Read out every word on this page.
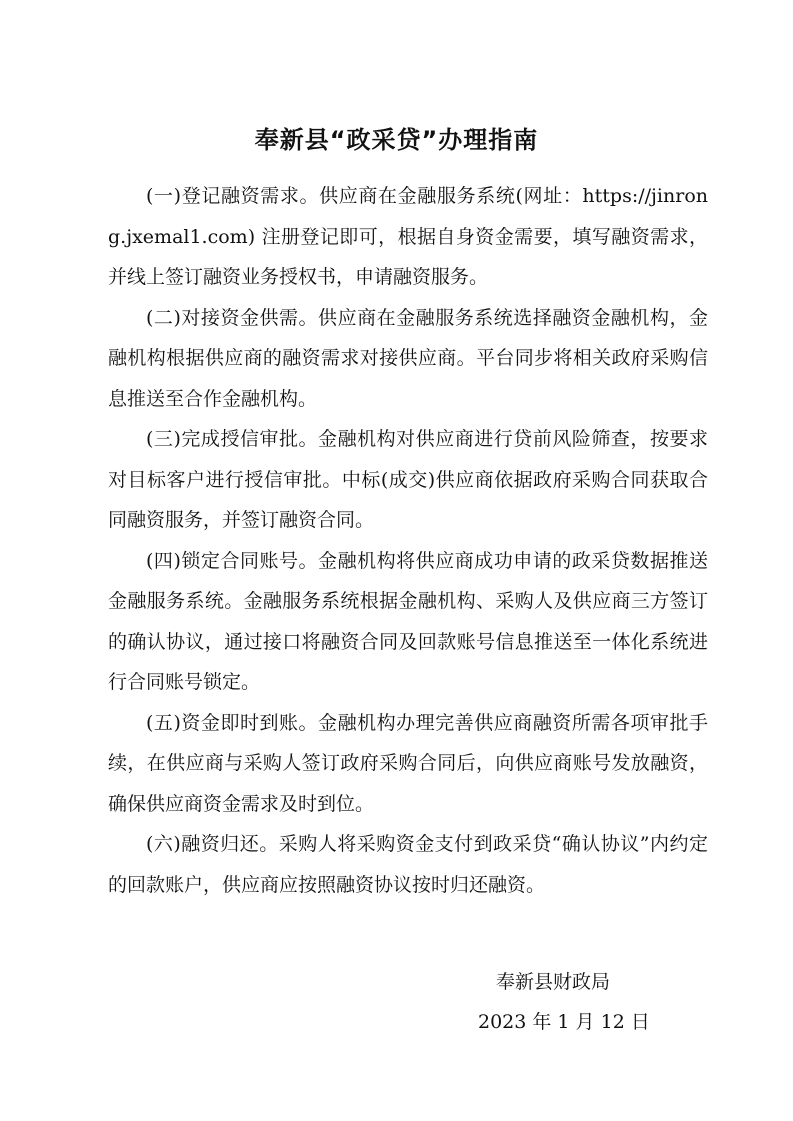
奉新县“政采贷”办理指南

(一)登记融资需求。供应商在金融服务系统(网址：https://jinrong.jxemal1.com) 注册登记即可，根据自身资金需要，填写融资需求，并线上签订融资业务授权书，申请融资服务。

(二)对接资金供需。供应商在金融服务系统选择融资金融机构，金融机构根据供应商的融资需求对接供应商。平台同步将相关政府采购信息推送至合作金融机构。

(三)完成授信审批。金融机构对供应商进行贷前风险筛查，按要求对目标客户进行授信审批。中标(成交)供应商依据政府采购合同获取合同融资服务，并签订融资合同。

(四)锁定合同账号。金融机构将供应商成功申请的政采贷数据推送金融服务系统。金融服务系统根据金融机构、采购人及供应商三方签订的确认协议，通过接口将融资合同及回款账号信息推送至一体化系统进行合同账号锁定。

(五)资金即时到账。金融机构办理完善供应商融资所需各项审批手续，在供应商与采购人签订政府采购合同后，向供应商账号发放融资，确保供应商资金需求及时到位。

(六)融资归还。采购人将采购资金支付到政采贷“确认协议”内约定的回款账户，供应商应按照融资协议按时归还融资。

奉新县财政局

2023 年 1 月 12 日
